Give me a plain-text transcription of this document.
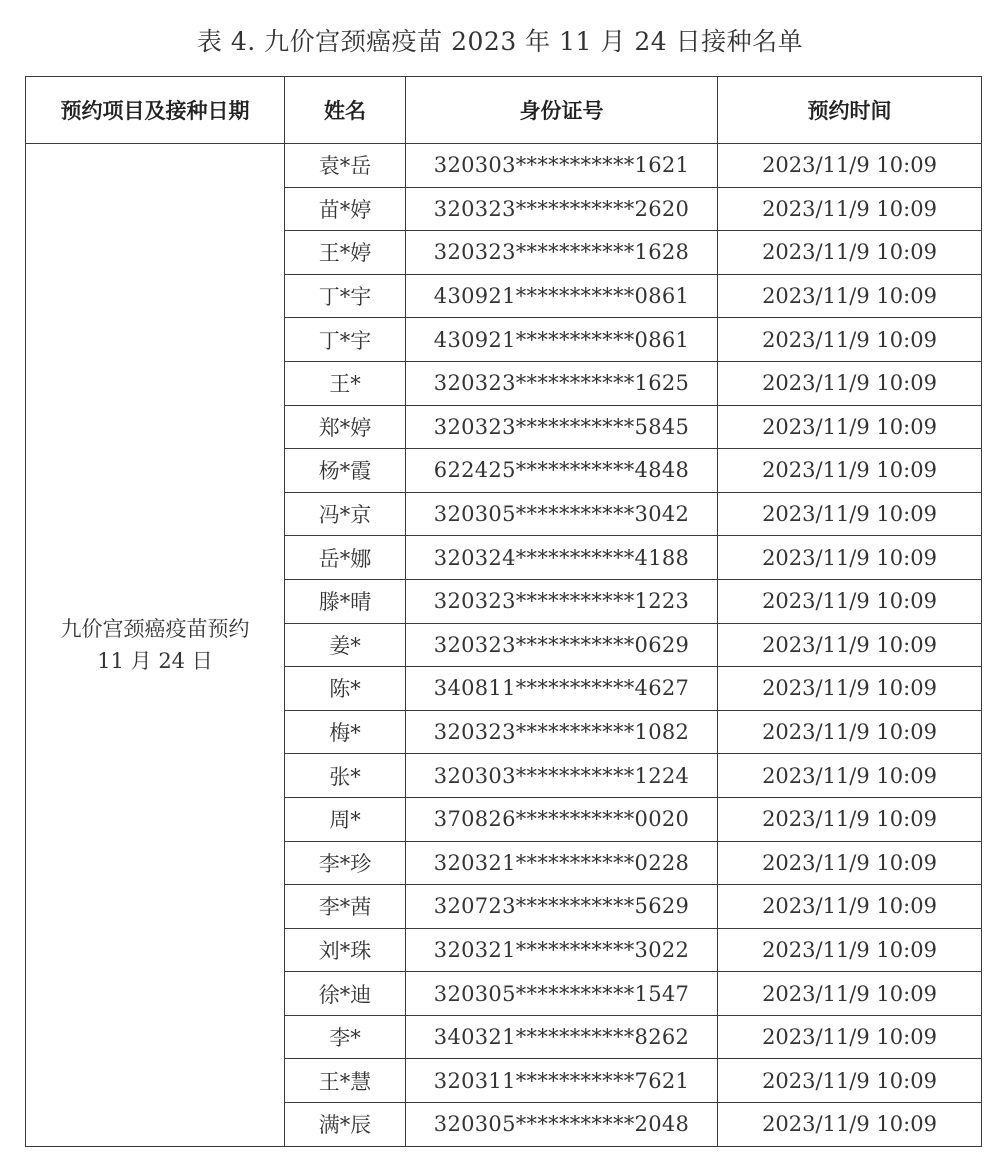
表 4. 九价宫颈癌疫苗 2023 年 11 月 24 日接种名单
预约项目及接种日期	姓名	身份证号	预约时间

九价宫颈癌疫苗预约
11 月 24 日	袁*岳	320303***********1621	2023/11/9 10:09
	苗*婷	320323***********2620	2023/11/9 10:09
	王*婷	320323***********1628	2023/11/9 10:09
	丁*宇	430921***********0861	2023/11/9 10:09
	丁*宇	430921***********0861	2023/11/9 10:09
	王*	320323***********1625	2023/11/9 10:09
	郑*婷	320323***********5845	2023/11/9 10:09
	杨*霞	622425***********4848	2023/11/9 10:09
	冯*京	320305***********3042	2023/11/9 10:09
	岳*娜	320324***********4188	2023/11/9 10:09
	滕*晴	320323***********1223	2023/11/9 10:09
	姜*	320323***********0629	2023/11/9 10:09
	陈*	340811***********4627	2023/11/9 10:09
	梅*	320323***********1082	2023/11/9 10:09
	张*	320303***********1224	2023/11/9 10:09
	周*	370826***********0020	2023/11/9 10:09
	李*珍	320321***********0228	2023/11/9 10:09
	李*茜	320723***********5629	2023/11/9 10:09
	刘*珠	320321***********3022	2023/11/9 10:09
	徐*迪	320305***********1547	2023/11/9 10:09
	李*	340321***********8262	2023/11/9 10:09
	王*慧	320311***********7621	2023/11/9 10:09
	满*辰	320305***********2048	2023/11/9 10:09
